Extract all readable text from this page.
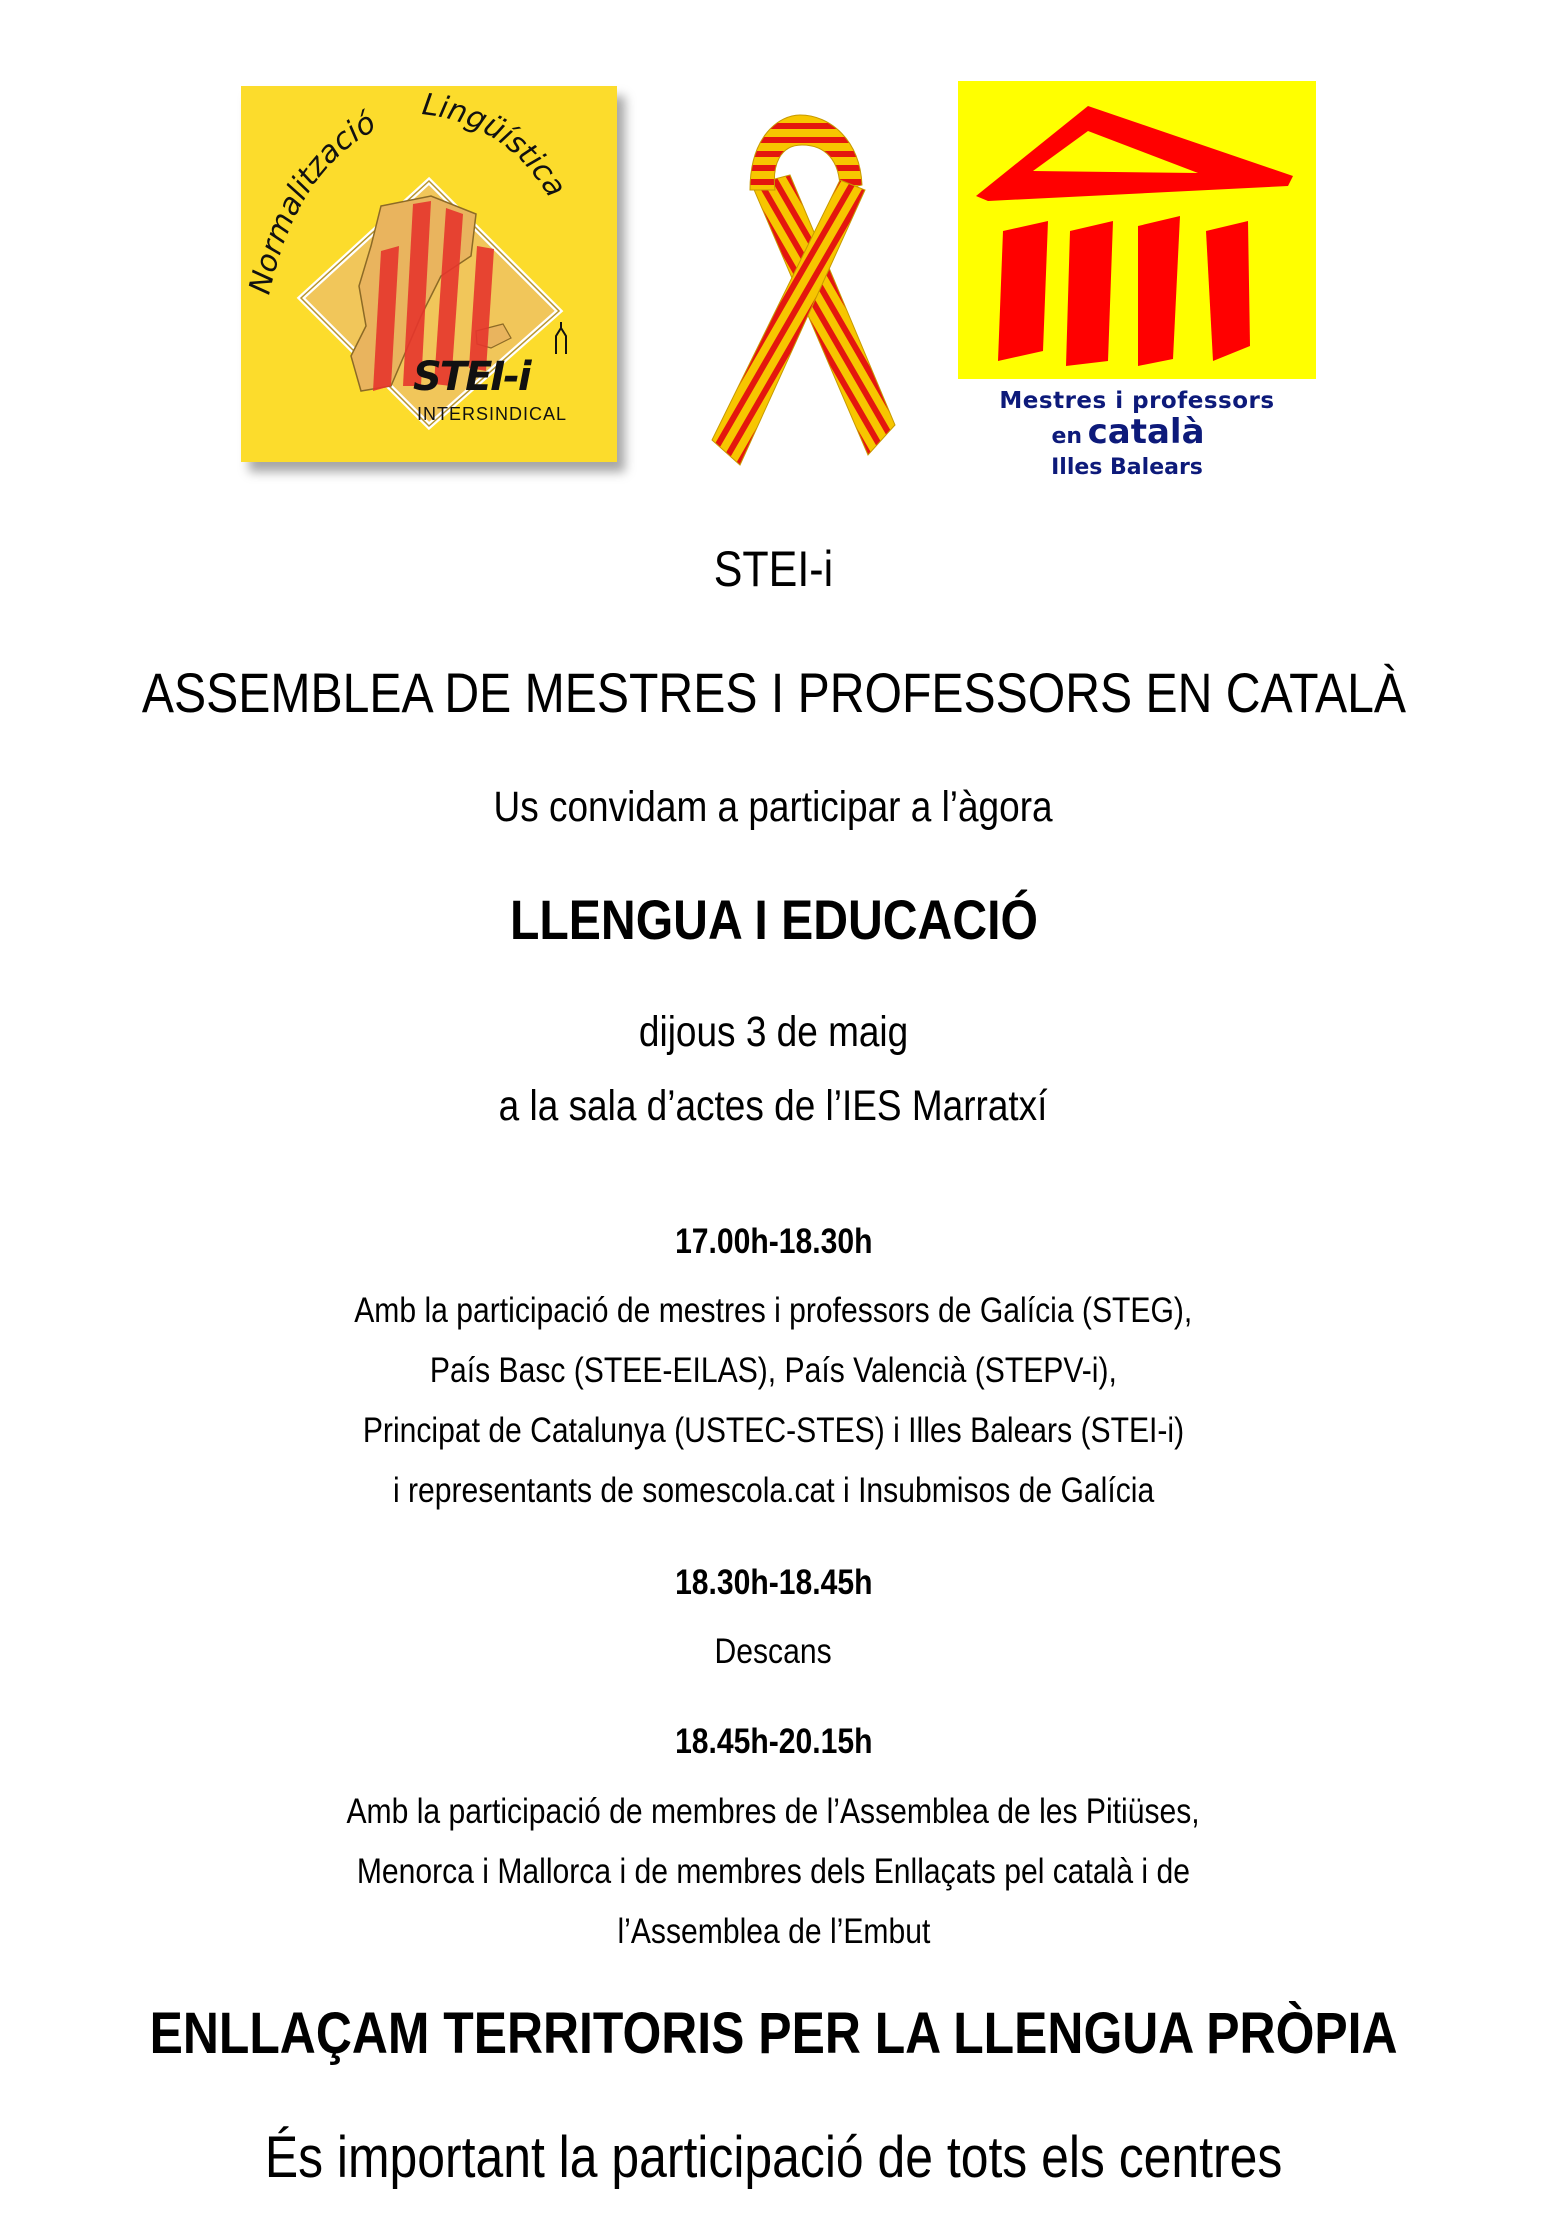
Normalització Lingüística
STEI-i
INTERSINDICAL	Mestres i professors
en català
Illes Balears
STEI-i
ASSEMBLEA DE MESTRES I PROFESSORS EN CATALÀ
Us convidam a participar a l’àgora
LLENGUA I EDUCACIÓ
dijous 3 de maig
a la sala d’actes de l’IES Marratxí
17.00h-18.30h
Amb la participació de mestres i professors de Galícia (STEG),
País Basc (STEE-EILAS), País Valencià (STEPV-i),
Principat de Catalunya (USTEC-STES) i Illes Balears (STEI-i)
i representants de somescola.cat i Insubmisos de Galícia
18.30h-18.45h
Descans
18.45h-20.15h
Amb la participació de membres de l’Assemblea de les Pitiüses,
Menorca i Mallorca i de membres dels Enllaçats pel català i de
l’Assemblea de l’Embut
ENLLAÇAM TERRITORIS PER LA LLENGUA PRÒPIA
És important la participació de tots els centres
